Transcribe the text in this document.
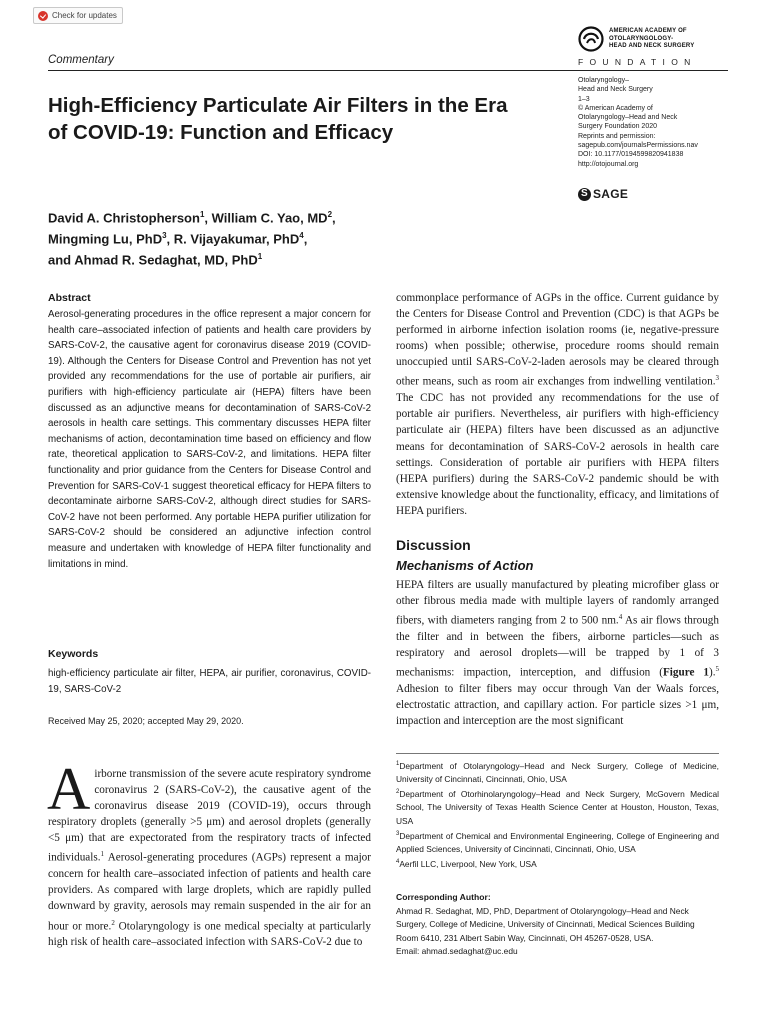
Check for updates
Commentary
AMERICAN ACADEMY OF
OTOLARYNGOLOGY-
HEAD AND NECK SURGERY
FOUNDATION
Otolaryngology–
Head and Neck Surgery
1–3
© American Academy of
Otolaryngology–Head and Neck
Surgery Foundation 2020
Reprints and permission:
sagepub.com/journalsPermissions.nav
DOI: 10.1177/0194599820941838
http://otojournal.org
S
SAGE
High-Efficiency Particulate Air Filters in the Era of COVID-19: Function and Efficacy
David A. Christopherson$^1$, William C. Yao, $MD^2$,
Mingming Lu, PhD$^3$, R. Vijayakumar, PhD$^4$,
and Ahmad R. Sedaghat, MD, PhD$^1$
Abstract

Aerosol-generating procedures in the office represent a major concern for health care–associated infection of patients and health care providers by SARS-CoV-2, the causative agent for coronavirus disease 2019 (COVID-19). Although the Centers for Disease Control and Prevention has not yet provided any recommendations for the use of portable air purifiers, air purifiers with high-efficiency particulate air (HEPA) filters have been discussed as an adjunctive means for decontamination of SARS-CoV-2 aerosols in health care settings. This commentary discusses HEPA filter mechanisms of action, decontamination time based on efficiency and flow rate, theoretical application to SARS-CoV-2, and limitations. HEPA filter functionality and prior guidance from the Centers for Disease Control and Prevention for SARS-CoV-1 suggest theoretical efficacy for HEPA filters to decontaminate airborne SARS-CoV-2, although direct studies for SARS-CoV-2 have not been performed. Any portable HEPA purifier utilization for SARS-CoV-2 should be considered an adjunctive infection control measure and undertaken with knowledge of HEPA filter functionality and limitations in mind.

Keywords

high-efficiency particulate air filter, HEPA, air purifier, coronavirus, COVID-19, SARS-CoV-2

Received May 25, 2020; accepted May 29, 2020.
Airborne transmission of the severe acute respiratory syndrome coronavirus 2 (SARS-CoV-2), the causative agent of the coronavirus disease 2019 (COVID-19), occurs through respiratory droplets (generally >5 μm) and aerosol droplets (generally <5 μm) that are expectorated from the respiratory tracts of infected individuals.$^1$ Aerosol-generating procedures (AGPs) represent a major concern for health care–associated infection of patients and health care providers. As compared with large droplets, which are rapidly pulled downward by gravity, aerosols may remain suspended in the air for an hour or more.$^2$ Otolaryngology is one medical specialty at particularly high risk of health care–associated infection with SARS-CoV-2 due to
commonplace performance of AGPs in the office. Current guidance by the Centers for Disease Control and Prevention (CDC) is that AGPs be performed in airborne infection isolation rooms (ie, negative-pressure rooms) when possible; otherwise, procedure rooms should remain unoccupied until SARS-CoV-2-laden aerosols may be cleared through other means, such as room air exchanges from indwelling ventilation.$^3$ The CDC has not provided any recommendations for the use of portable air purifiers. Nevertheless, air purifiers with high-efficiency particulate air (HEPA) filters have been discussed as an adjunctive means for decontamination of SARS-CoV-2 aerosols in health care settings. Consideration of portable air purifiers with HEPA filters (HEPA purifiers) during the SARS-CoV-2 pandemic should be with extensive knowledge about the functionality, efficacy, and limitations of HEPA purifiers.
Discussion
Mechanisms of Action
HEPA filters are usually manufactured by pleating microfiber glass or other fibrous media made with multiple layers of randomly arranged fibers, with diameters ranging from 2 to 500 nm.$^4$ As air flows through the filter and in between the fibers, airborne particles—such as respiratory and aerosol droplets—will be trapped by 1 of 3 mechanisms: impaction, interception, and diffusion (Figure 1).$^5$ Adhesion to filter fibers may occur through Van der Waals forces, electrostatic attraction, and capillary action. For particle sizes >1 μm, impaction and interception are the most significant
$^1$Department of Otolaryngology–Head and Neck Surgery, College of Medicine, University of Cincinnati, Cincinnati, Ohio, USA
$^2$Department of Otorhinolaryngology–Head and Neck Surgery, McGovern Medical School, The University of Texas Health Science Center at Houston, Houston, Texas, USA
$^3$Department of Chemical and Environmental Engineering, College of Engineering and Applied Sciences, University of Cincinnati, Cincinnati, Ohio, USA
$^4$Aerfil LLC, Liverpool, New York, USA
Corresponding Author:
Ahmad R. Sedaghat, MD, PhD, Department of Otolaryngology–Head and Neck Surgery, College of Medicine, University of Cincinnati, Medical Sciences Building Room 6410, 231 Albert Sabin Way, Cincinnati, OH 45267-0528, USA.
Email: ahmad.sedaghat@uc.edu
